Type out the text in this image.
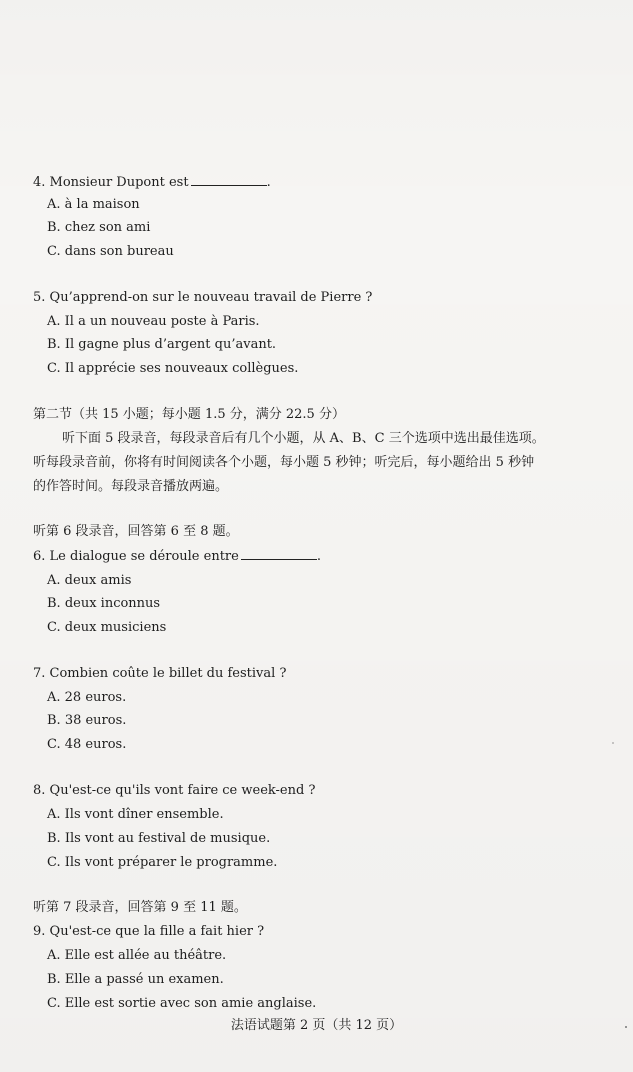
4. Monsieur Dupont est	.
A. à la maison
B. chez son ami
C. dans son bureau
5. Qu’apprend-on sur le nouveau travail de Pierre ?
A. Il a un nouveau poste à Paris.
B. Il gagne plus d’argent qu’avant.
C. Il apprécie ses nouveaux collègues.
第二节（共 15 小题；每小题 1.5 分，满分 22.5 分）
听下面 5 段录音，每段录音后有几个小题，从 A、B、C 三个选项中选出最佳选项。
听每段录音前，你将有时间阅读各个小题，每小题 5 秒钟；听完后，每小题给出 5 秒钟
的作答时间。每段录音播放两遍。
听第 6 段录音，回答第 6 至 8 题。
6. Le dialogue se déroule entre	.
A. deux amis
B. deux inconnus
C. deux musiciens
7. Combien coûte le billet du festival ?
A. 28 euros.
B. 38 euros.
C. 48 euros.
8. Qu'est-ce qu'ils vont faire ce week-end ?
A. Ils vont dîner ensemble.
B. Ils vont au festival de musique.
C. Ils vont préparer le programme.
听第 7 段录音，回答第 9 至 11 题。
9. Qu'est-ce que la fille a fait hier ?
A. Elle est allée au théâtre.
B. Elle a passé un examen.
C. Elle est sortie avec son amie anglaise.
法语试题第 2 页（共 12 页）
